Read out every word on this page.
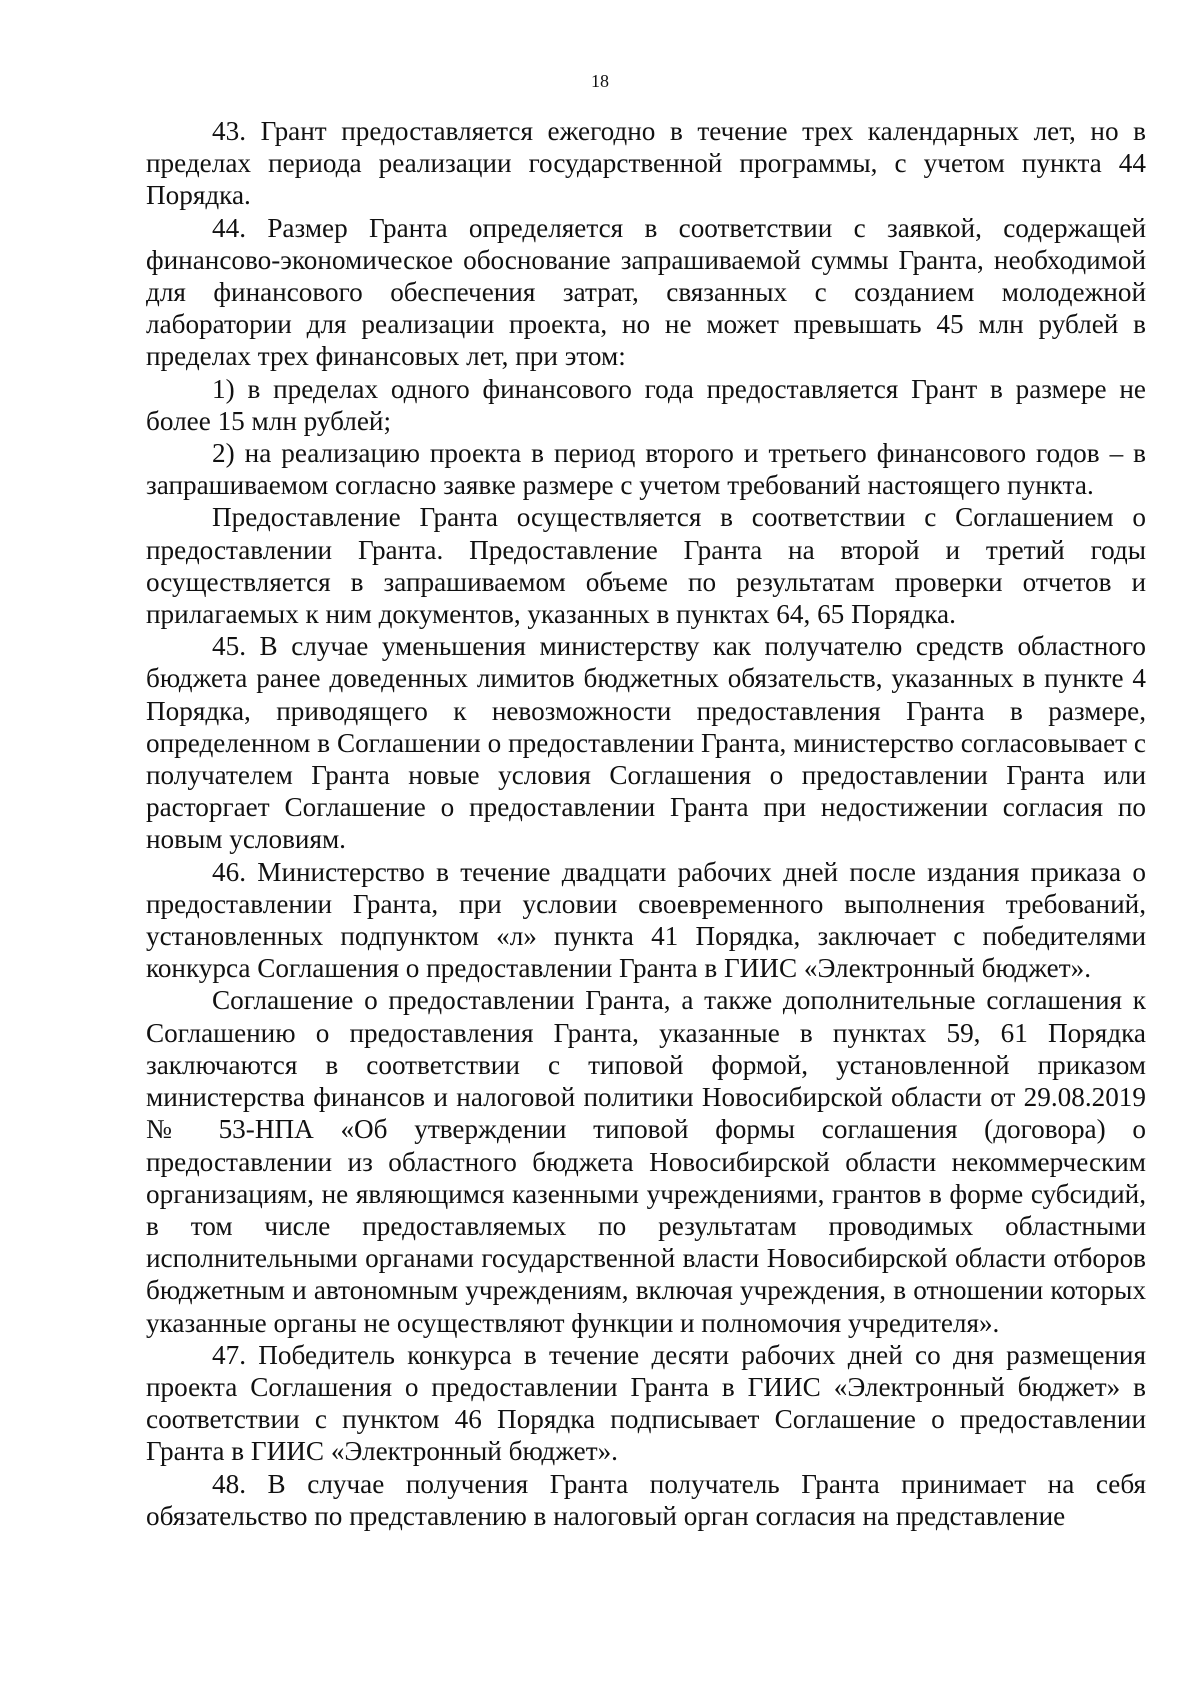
18

43. Грант предоставляется ежегодно в течение трех календарных лет, но в пределах периода реализации государственной программы, с учетом пункта 44 Порядка.

44. Размер Гранта определяется в соответствии с заявкой, содержащей финансово-экономическое обоснование запрашиваемой суммы Гранта, необходимой для финансового обеспечения затрат, связанных с созданием молодежной лаборатории для реализации проекта, но не может превышать 45 млн рублей в пределах трех финансовых лет, при этом:

1) в пределах одного финансового года предоставляется Грант в размере не более 15 млн рублей;

2) на реализацию проекта в период второго и третьего финансового годов – в запрашиваемом согласно заявке размере с учетом требований настоящего пункта.

Предоставление Гранта осуществляется в соответствии с Соглашением о предоставлении Гранта. Предоставление Гранта на второй и третий годы осуществляется в запрашиваемом объеме по результатам проверки отчетов и прилагаемых к ним документов, указанных в пунктах 64, 65 Порядка.

45. В случае уменьшения министерству как получателю средств областного бюджета ранее доведенных лимитов бюджетных обязательств, указанных в пункте 4 Порядка, приводящего к невозможности предоставления Гранта в размере, определенном в Соглашении о предоставлении Гранта, министерство согласовывает с получателем Гранта новые условия Соглашения о предоставлении Гранта или расторгает Соглашение о предоставлении Гранта при недостижении согласия по новым условиям.

46. Министерство в течение двадцати рабочих дней после издания приказа о предоставлении Гранта, при условии своевременного выполнения требований, установленных подпунктом «л» пункта 41 Порядка, заключает с победителями конкурса Соглашения о предоставлении Гранта в ГИИС «Электронный бюджет».

Соглашение о предоставлении Гранта, а также дополнительные соглашения к Соглашению о предоставления Гранта, указанные в пунктах 59, 61 Порядка заключаются в соответствии с типовой формой, установленной приказом министерства финансов и налоговой политики Новосибирской области от 29.08.2019 № 53-НПА «Об утверждении типовой формы соглашения (договора) о предоставлении из областного бюджета Новосибирской области некоммерческим организациям, не являющимся казенными учреждениями, грантов в форме субсидий, в том числе предоставляемых по результатам проводимых областными исполнительными органами государственной власти Новосибирской области отборов бюджетным и автономным учреждениям, включая учреждения, в отношении которых указанные органы не осуществляют функции и полномочия учредителя».

47. Победитель конкурса в течение десяти рабочих дней со дня размещения проекта Соглашения о предоставлении Гранта в ГИИС «Электронный бюджет» в соответствии с пунктом 46 Порядка подписывает Соглашение о предоставлении Гранта в ГИИС «Электронный бюджет».

48. В случае получения Гранта получатель Гранта принимает на себя обязательство по представлению в налоговый орган согласия на представление
